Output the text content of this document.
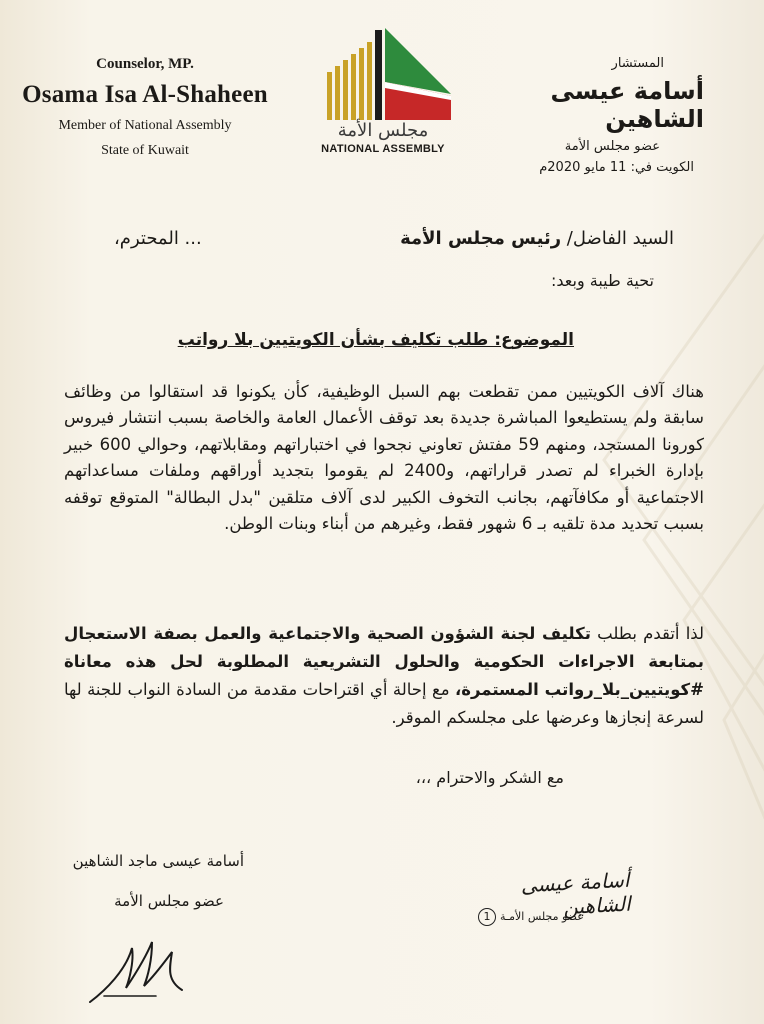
Counselor, MP.
Osama Isa Al-Shaheen
Member of National Assembly
State of Kuwait
مجلس الأمة
NATIONAL ASSEMBLY
المستشار
أسامة عيسى الشاهين
عضو مجلس الأمة
الكويت في: 11 مايو 2020م
السيد الفاضل/ رئيس مجلس الأمة
... المحترم،
تحية طيبة وبعد:
الموضوع: طلب تكليف بشأن الكويتيين بلا رواتب
هناك آلاف الكويتيين ممن تقطعت بهم السبل الوظيفية، كأن يكونوا قد استقالوا من وظائف سابقة ولم يستطيعوا المباشرة جديدة بعد توقف الأعمال العامة والخاصة بسبب انتشار فيروس كورونا المستجد، ومنهم 59 مفتش تعاوني نجحوا في اختباراتهم ومقابلاتهم، وحوالي 600 خبير بإدارة الخبراء لم تصدر قراراتهم، و2400 لم يقوموا بتجديد أوراقهم وملفات مساعداتهم الاجتماعية أو مكافآتهم، بجانب التخوف الكبير لدى آلاف متلقين "بدل البطالة" المتوقع توقفه بسبب تحديد مدة تلقيه بـ 6 شهور فقط، وغيرهم من أبناء وبنات الوطن.
لذا أتقدم بطلب تكليف لجنة الشؤون الصحية والاجتماعية والعمل بصفة الاستعجال بمتابعة الاجراءات الحكومية والحلول التشريعية المطلوبة لحل هذه معاناة #كويتيين_بلا_رواتب المستمرة، مع إحالة أي اقتراحات مقدمة من السادة النواب للجنة لها لسرعة إنجازها وعرضها على مجلسكم الموقر.
مع الشكر والاحترام ،،،
أسامة عيسى ماجد الشاهين
عضو مجلس الأمة
أسامة عيسى الشاهين
1 عضو مجلس الأمـة
